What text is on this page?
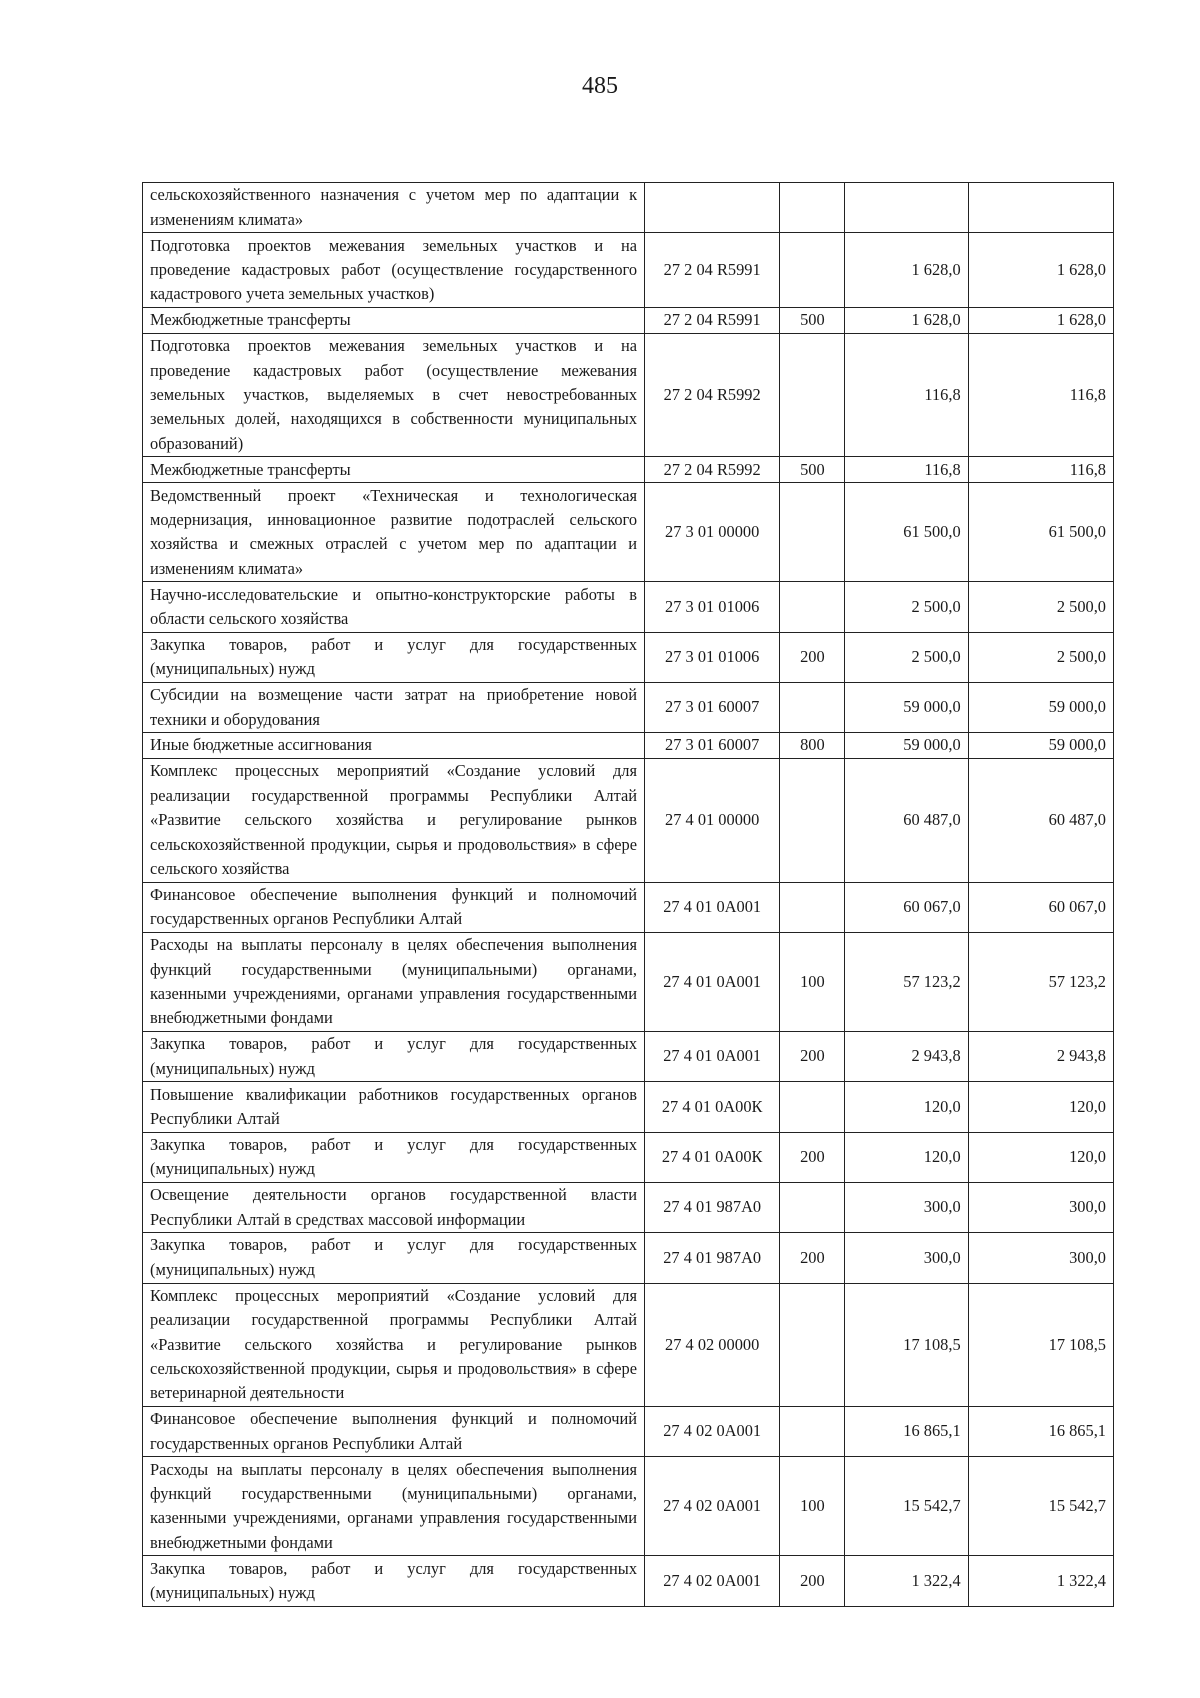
485
сельскохозяйственного назначения с учетом мер по адаптации к изменениям климата»				
Подготовка проектов межевания земельных участков и на проведение кадастровых работ (осуществление государственного кадастрового учета земельных участков)	27 2 04 R5991		1 628,0	1 628,0
Межбюджетные трансферты	27 2 04 R5991	500	1 628,0	1 628,0
Подготовка проектов межевания земельных участков и на проведение кадастровых работ (осуществление межевания земельных участков, выделяемых в счет невостребованных земельных долей, находящихся в собственности муниципальных образований)	27 2 04 R5992		116,8	116,8
Межбюджетные трансферты	27 2 04 R5992	500	116,8	116,8
Ведомственный проект «Техническая и технологическая модернизация, инновационное развитие подотраслей сельского хозяйства и смежных отраслей с учетом мер по адаптации и изменениям климата»	27 3 01 00000		61 500,0	61 500,0
Научно-исследовательские и опытно-конструкторские работы в области сельского хозяйства	27 3 01 01006		2 500,0	2 500,0
Закупка товаров, работ и услуг для государственных (муниципальных) нужд	27 3 01 01006	200	2 500,0	2 500,0
Субсидии на возмещение части затрат на приобретение новой техники и оборудования	27 3 01 60007		59 000,0	59 000,0
Иные бюджетные ассигнования	27 3 01 60007	800	59 000,0	59 000,0
Комплекс процессных мероприятий «Создание условий для реализации государственной программы Республики Алтай «Развитие сельского хозяйства и регулирование рынков сельскохозяйственной продукции, сырья и продовольствия» в сфере сельского хозяйства	27 4 01 00000		60 487,0	60 487,0
Финансовое обеспечение выполнения функций и полномочий государственных органов Республики Алтай	27 4 01 0А001		60 067,0	60 067,0
Расходы на выплаты персоналу в целях обеспечения выполнения функций государственными (муниципальными) органами, казенными учреждениями, органами управления государственными внебюджетными фондами	27 4 01 0А001	100	57 123,2	57 123,2
Закупка товаров, работ и услуг для государственных (муниципальных) нужд	27 4 01 0А001	200	2 943,8	2 943,8
Повышение квалификации работников государственных органов Республики Алтай	27 4 01 0А00К		120,0	120,0
Закупка товаров, работ и услуг для государственных (муниципальных) нужд	27 4 01 0А00К	200	120,0	120,0
Освещение деятельности органов государственной власти Республики Алтай в средствах массовой информации	27 4 01 987А0		300,0	300,0
Закупка товаров, работ и услуг для государственных (муниципальных) нужд	27 4 01 987А0	200	300,0	300,0
Комплекс процессных мероприятий «Создание условий для реализации государственной программы Республики Алтай «Развитие сельского хозяйства и регулирование рынков сельскохозяйственной продукции, сырья и продовольствия» в сфере ветеринарной деятельности	27 4 02 00000		17 108,5	17 108,5
Финансовое обеспечение выполнения функций и полномочий государственных органов Республики Алтай	27 4 02 0А001		16 865,1	16 865,1
Расходы на выплаты персоналу в целях обеспечения выполнения функций государственными (муниципальными) органами, казенными учреждениями, органами управления государственными внебюджетными фондами	27 4 02 0А001	100	15 542,7	15 542,7
Закупка товаров, работ и услуг для государственных (муниципальных) нужд	27 4 02 0А001	200	1 322,4	1 322,4
